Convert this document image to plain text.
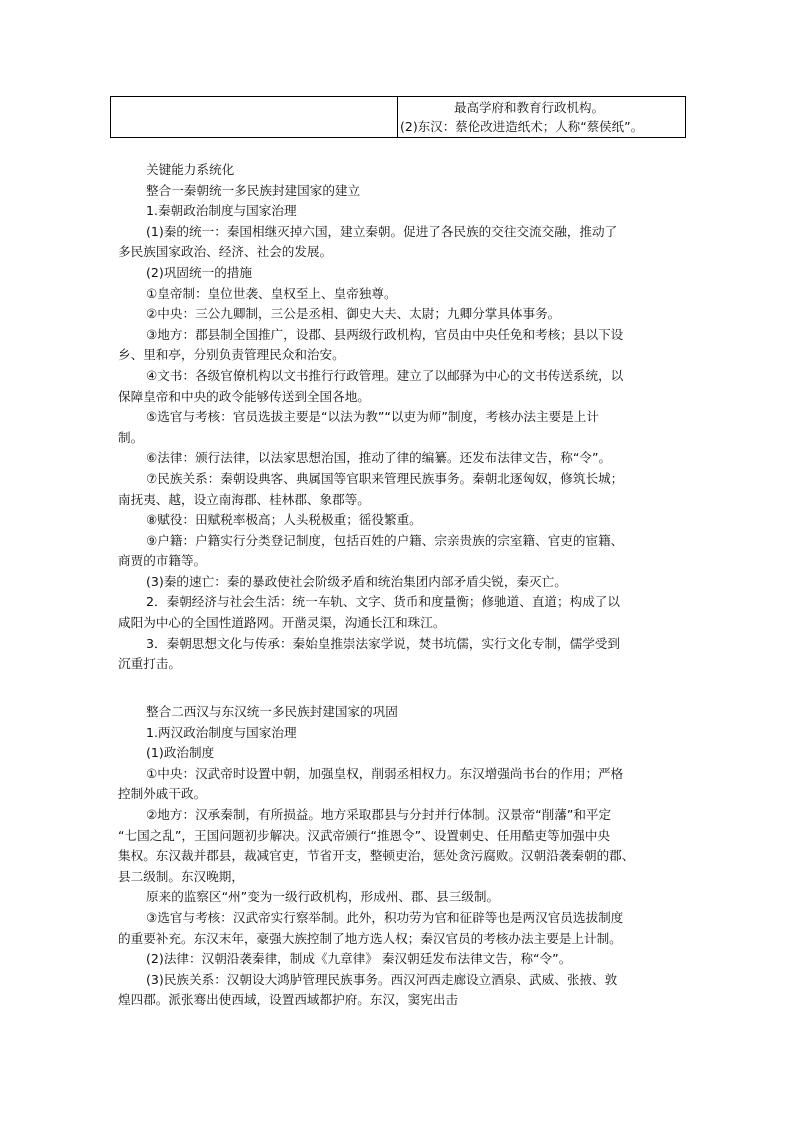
最高学府和教育行政机构。
(2)东汉：蔡伦改进造纸术；人称“蔡侯纸”。
关键能力系统化
整合一秦朝统一多民族封建国家的建立
1.秦朝政治制度与国家治理
(1)秦的统一：秦国相继灭掉六国，建立秦朝。促进了各民族的交往交流交融，推动了
多民族国家政治、经济、社会的发展。
(2)巩固统一的措施
①皇帝制：皇位世袭、皇权至上、皇帝独尊。
②中央：三公九卿制，三公是丞相、御史大夫、太尉；九卿分掌具体事务。
③地方：郡县制全国推广，设郡、县两级行政机构，官员由中央任免和考核；县以下设
乡、里和亭，分别负责管理民众和治安。
④文书：各级官僚机构以文书推行行政管理。建立了以邮驿为中心的文书传送系统，以
保障皇帝和中央的政令能够传送到全国各地。
⑤选官与考核：官员选拔主要是“以法为教”“以吏为师”制度，考核办法主要是上计
制。
⑥法律：颁行法律，以法家思想治国，推动了律的编纂。还发布法律文告，称“令”。
⑦民族关系：秦朝设典客、典属国等官职来管理民族事务。秦朝北逐匈奴，修筑长城；
南抚夷、越，设立南海郡、桂林郡、象郡等。
⑧赋役：田赋税率极高；人头税极重；徭役繁重。
⑨户籍：户籍实行分类登记制度，包括百姓的户籍、宗亲贵族的宗室籍、官吏的宦籍、
商贾的市籍等。
(3)秦的速亡：秦的暴政使社会阶级矛盾和统治集团内部矛盾尖锐，秦灭亡。
2．秦朝经济与社会生活：统一车轨、文字、货币和度量衡；修驰道、直道；构成了以
咸阳为中心的全国性道路网。开凿灵渠，沟通长江和珠江。
3．秦朝思想文化与传承：秦始皇推崇法家学说，焚书坑儒，实行文化专制，儒学受到
沉重打击。
整合二西汉与东汉统一多民族封建国家的巩固
1.两汉政治制度与国家治理
(1)政治制度
①中央：汉武帝时设置中朝，加强皇权，削弱丞相权力。东汉增强尚书台的作用；严格
控制外戚干政。
②地方：汉承秦制，有所损益。地方采取郡县与分封并行体制。汉景帝“削藩”和平定
“七国之乱”，王国问题初步解决。汉武帝颁行“推恩令”、设置刺史、任用酷吏等加强中央
集权。东汉裁并郡县，裁减官吏，节省开支，整顿吏治，惩处贪污腐败。汉朝沿袭秦朝的郡、
县二级制。东汉晚期，
原来的监察区“州”变为一级行政机构，形成州、郡、县三级制。
③选官与考核：汉武帝实行察举制。此外，积功劳为官和征辟等也是两汉官员选拔制度
的重要补充。东汉末年，豪强大族控制了地方选人权；秦汉官员的考核办法主要是上计制。
(2)法律：汉朝沿袭秦律，制成《九章律》 秦汉朝廷发布法律文告，称“令”。
(3)民族关系：汉朝设大鸿胪管理民族事务。西汉河西走廊设立酒泉、武威、张掖、敦
煌四郡。派张骞出使西域，设置西域都护府。东汉，窦宪出击
